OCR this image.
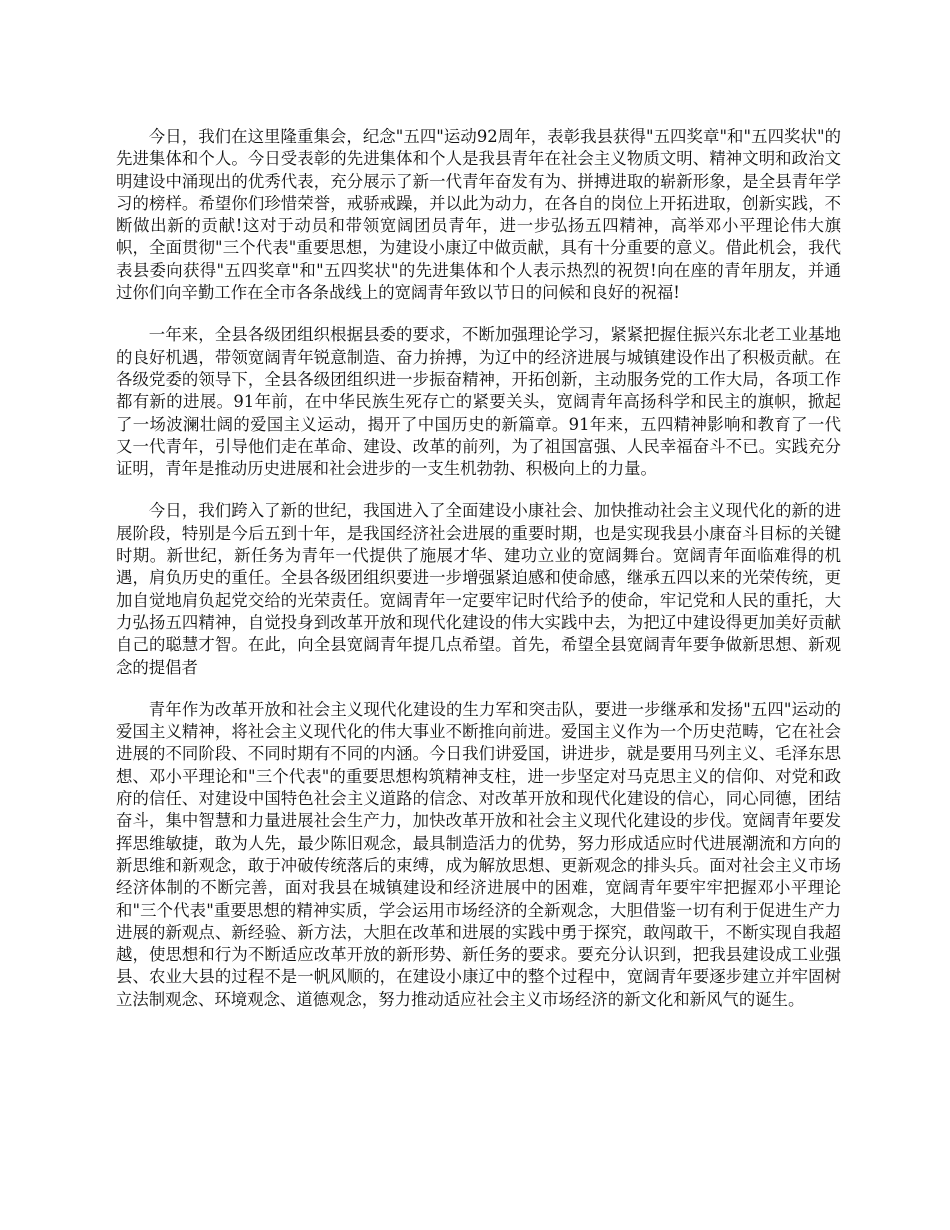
今日，我们在这里隆重集会，纪念"五四"运动92周年，表彰我县获得"五四奖章"和"五四奖状"的先进集体和个人。今日受表彰的先进集体和个人是我县青年在社会主义物质文明、精神文明和政治文明建设中涌现出的优秀代表，充分展示了新一代青年奋发有为、拼搏进取的崭新形象，是全县青年学习的榜样。希望你们珍惜荣誉，戒骄戒躁，并以此为动力，在各自的岗位上开拓进取，创新实践，不断做出新的贡献!这对于动员和带领宽阔团员青年，进一步弘扬五四精神，高举邓小平理论伟大旗帜，全面贯彻"三个代表"重要思想，为建设小康辽中做贡献，具有十分重要的意义。借此机会，我代表县委向获得"五四奖章"和"五四奖状"的先进集体和个人表示热烈的祝贺!向在座的青年朋友，并通过你们向辛勤工作在全市各条战线上的宽阔青年致以节日的问候和良好的祝福!

一年来，全县各级团组织根据县委的要求，不断加强理论学习，紧紧把握住振兴东北老工业基地的良好机遇，带领宽阔青年锐意制造、奋力拚搏，为辽中的经济进展与城镇建设作出了积极贡献。在各级党委的领导下，全县各级团组织进一步振奋精神，开拓创新，主动服务党的工作大局，各项工作都有新的进展。91年前，在中华民族生死存亡的紧要关头，宽阔青年高扬科学和民主的旗帜，掀起了一场波澜壮阔的爱国主义运动，揭开了中国历史的新篇章。91年来，五四精神影响和教育了一代又一代青年，引导他们走在革命、建设、改革的前列，为了祖国富强、人民幸福奋斗不已。实践充分证明，青年是推动历史进展和社会进步的一支生机勃勃、积极向上的力量。

今日，我们跨入了新的世纪，我国进入了全面建设小康社会、加快推动社会主义现代化的新的进展阶段，特别是今后五到十年，是我国经济社会进展的重要时期，也是实现我县小康奋斗目标的关键时期。新世纪，新任务为青年一代提供了施展才华、建功立业的宽阔舞台。宽阔青年面临难得的机遇，肩负历史的重任。全县各级团组织要进一步增强紧迫感和使命感，继承五四以来的光荣传统，更加自觉地肩负起党交给的光荣责任。宽阔青年一定要牢记时代给予的使命，牢记党和人民的重托，大力弘扬五四精神，自觉投身到改革开放和现代化建设的伟大实践中去，为把辽中建设得更加美好贡献自己的聪慧才智。在此，向全县宽阔青年提几点希望。首先，希望全县宽阔青年要争做新思想、新观念的提倡者

青年作为改革开放和社会主义现代化建设的生力军和突击队，要进一步继承和发扬"五四"运动的爱国主义精神，将社会主义现代化的伟大事业不断推向前进。爱国主义作为一个历史范畴，它在社会进展的不同阶段、不同时期有不同的内涵。今日我们讲爱国，讲进步，就是要用马列主义、毛泽东思想、邓小平理论和"三个代表"的重要思想构筑精神支柱，进一步坚定对马克思主义的信仰、对党和政府的信任、对建设中国特色社会主义道路的信念、对改革开放和现代化建设的信心，同心同德，团结奋斗，集中智慧和力量进展社会生产力，加快改革开放和社会主义现代化建设的步伐。宽阔青年要发挥思维敏捷，敢为人先，最少陈旧观念，最具制造活力的优势，努力形成适应时代进展潮流和方向的新思维和新观念，敢于冲破传统落后的束缚，成为解放思想、更新观念的排头兵。面对社会主义市场经济体制的不断完善，面对我县在城镇建设和经济进展中的困难，宽阔青年要牢牢把握邓小平理论和"三个代表"重要思想的精神实质，学会运用市场经济的全新观念，大胆借鉴一切有利于促进生产力进展的新观点、新经验、新方法，大胆在改革和进展的实践中勇于探究，敢闯敢干，不断实现自我超越，使思想和行为不断适应改革开放的新形势、新任务的要求。要充分认识到，把我县建设成工业强县、农业大县的过程不是一帆风顺的，在建设小康辽中的整个过程中，宽阔青年要逐步建立并牢固树立法制观念、环境观念、道德观念，努力推动适应社会主义市场经济的新文化和新风气的诞生。
